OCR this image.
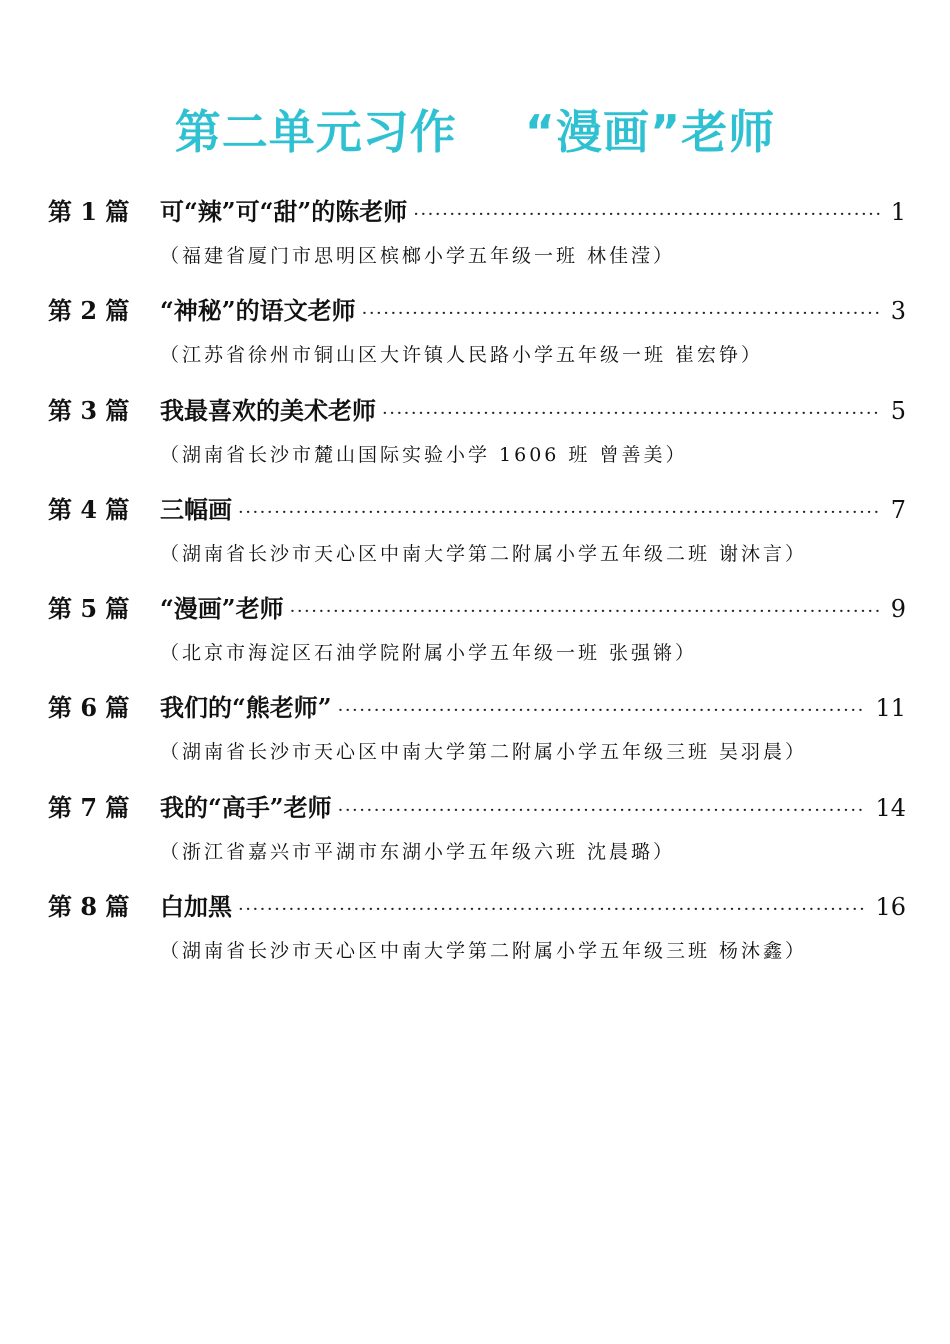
第二单元习作    “漫画”老师
第 1 篇	可“辣”可“甜”的陈老师 ·····	1
（福建省厦门市思明区槟榔小学五年级一班 林佳滢）
第 2 篇	“神秘”的语文老师 ·····	3
（江苏省徐州市铜山区大许镇人民路小学五年级一班 崔宏铮）
第 3 篇	我最喜欢的美术老师 ·····	5
（湖南省长沙市麓山国际实验小学 1606 班 曾善美）
第 4 篇	三幅画 ·····	7
（湖南省长沙市天心区中南大学第二附属小学五年级二班 谢沐言）
第 5 篇	“漫画”老师 ·····	9
（北京市海淀区石油学院附属小学五年级一班 张强锵）
第 6 篇	我们的“熊老师” ·····	11
（湖南省长沙市天心区中南大学第二附属小学五年级三班 吴羽晨）
第 7 篇	我的“高手”老师 ·····	14
（浙江省嘉兴市平湖市东湖小学五年级六班 沈晨璐）
第 8 篇	白加黑 ·····	16
（湖南省长沙市天心区中南大学第二附属小学五年级三班 杨沐鑫）
